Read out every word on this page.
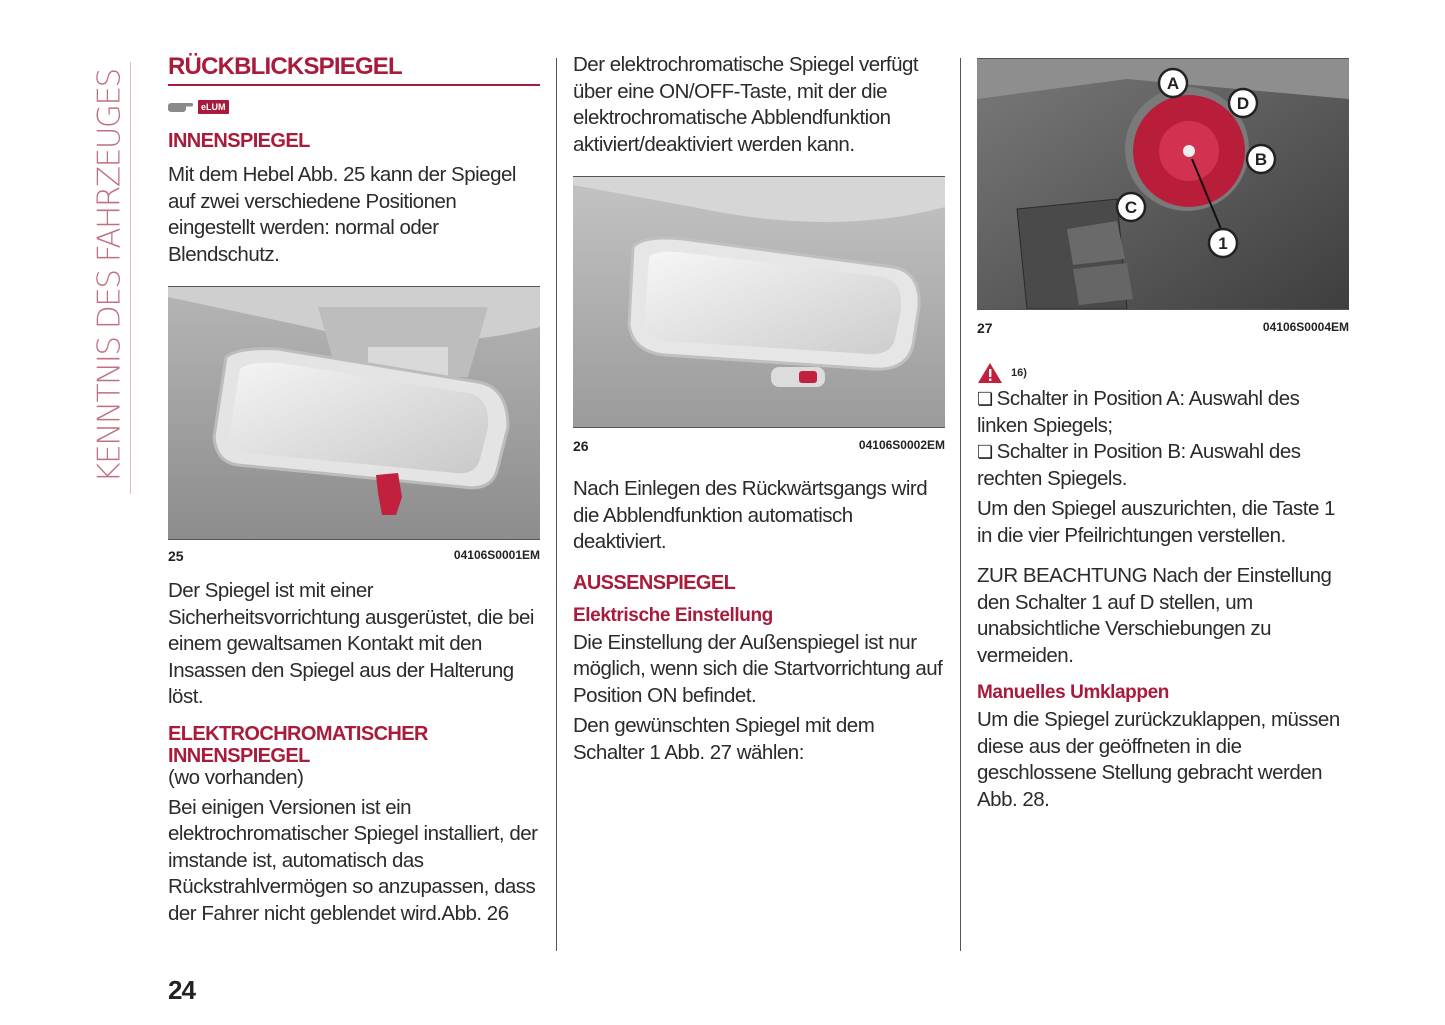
KENNTNIS DES FAHRZEUGES
RÜCKBLICKSPIEGEL
eLUM
INNENSPIEGEL

Mit dem Hebel Abb. 25 kann der Spiegel auf zwei verschiedene Positionen eingestellt werden: normal oder Blendschutz.

25	04106S0001EM

Der Spiegel ist mit einer Sicherheitsvorrichtung ausgerüstet, die bei einem gewaltsamen Kontakt mit den Insassen den Spiegel aus der Halterung löst.

ELEKTROCHROMATISCHER
INNENSPIEGEL

(wo vorhanden)

Bei einigen Versionen ist ein elektrochromatischer Spiegel installiert, der imstande ist, automatisch das Rückstrahlvermögen so anzupassen, dass der Fahrer nicht geblendet wird.Abb. 26

Der elektrochromatische Spiegel verfügt über eine ON/OFF-Taste, mit der die elektrochromatische Abblendfunktion aktiviert/deaktiviert werden kann.

26	04106S0002EM

Nach Einlegen des Rückwärtsgangs wird die Abblendfunktion automatisch deaktiviert.

AUSSENSPIEGEL
Elektrische Einstellung

Die Einstellung der Außenspiegel ist nur möglich, wenn sich die Startvorrichtung auf Position ON befindet.

Den gewünschten Spiegel mit dem Schalter 1 Abb. 27 wählen:

A
D
B
C
1
27	04106S0004EM
16)

❏ Schalter in Position A: Auswahl des linken Spiegels;

❏ Schalter in Position B: Auswahl des rechten Spiegels.

Um den Spiegel auszurichten, die Taste 1 in die vier Pfeilrichtungen verstellen.

ZUR BEACHTUNG Nach der Einstellung den Schalter 1 auf D stellen, um unabsichtliche Verschiebungen zu vermeiden.

Manuelles Umklappen

Um die Spiegel zurückzuklappen, müssen diese aus der geöffneten in die geschlossene Stellung gebracht werden Abb. 28.

24
